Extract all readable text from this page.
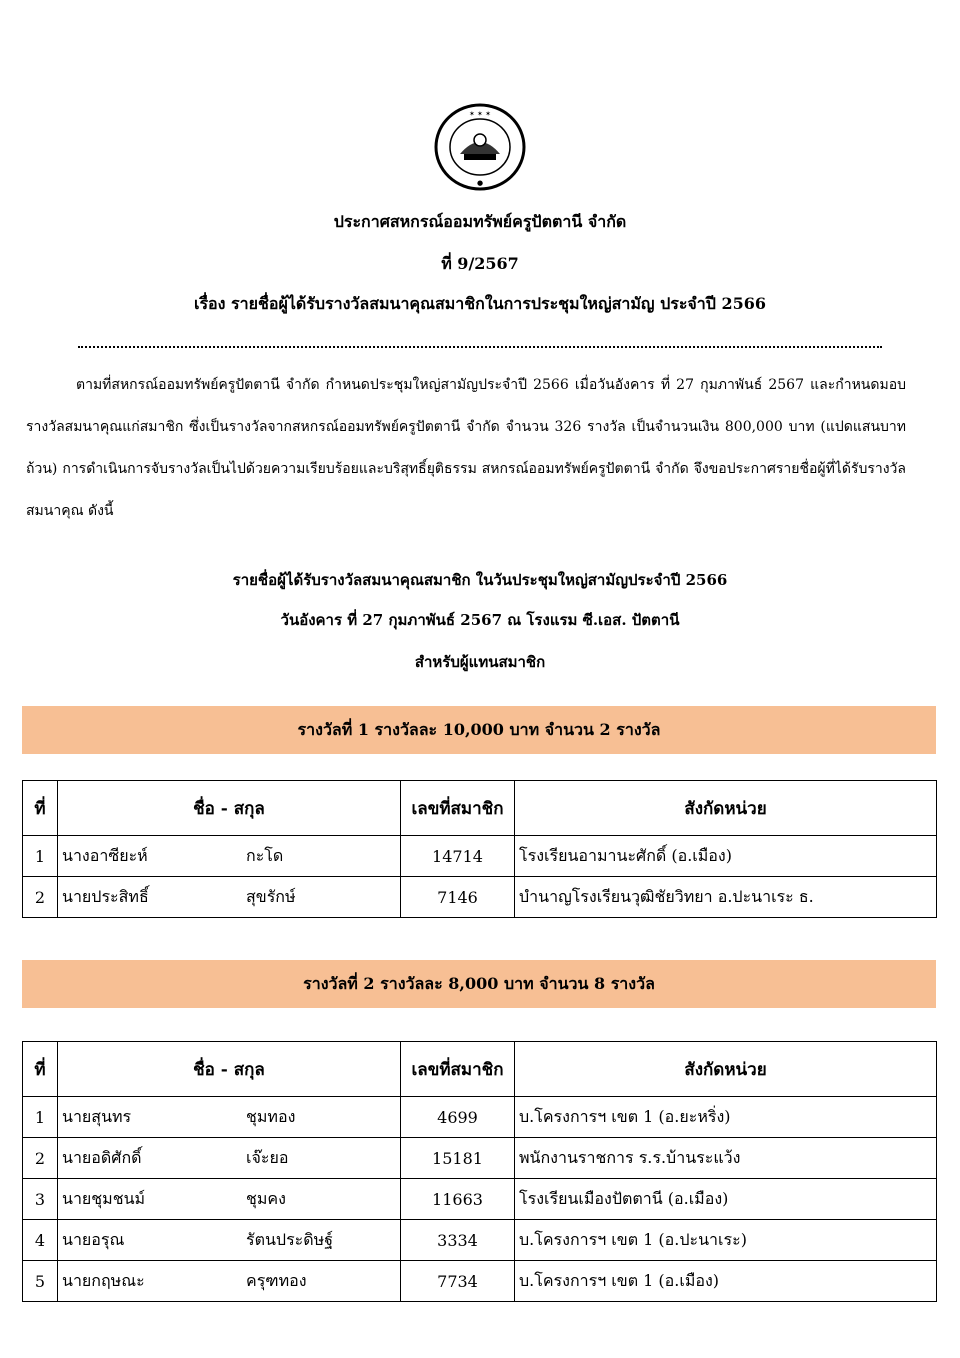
✶ ✶ ✶
●
ประกาศสหกรณ์ออมทรัพย์ครูปัตตานี จำกัด
ที่ 9/2567
เรื่อง รายชื่อผู้ได้รับรางวัลสมนาคุณสมาชิกในการประชุมใหญ่สามัญ ประจำปี 2566
ตามที่สหกรณ์ออมทรัพย์ครูปัตตานี จำกัด กำหนดประชุมใหญ่สามัญประจำปี 2566 เมื่อวันอังคาร ที่ 27 กุมภาพันธ์ 2567 และกำหนดมอบรางวัลสมนาคุณแก่สมาชิก ซึ่งเป็นรางวัลจากสหกรณ์ออมทรัพย์ครูปัตตานี จำกัด จำนวน 326 รางวัล เป็นจำนวนเงิน 800,000 บาท (แปดแสนบาทถ้วน) การดำเนินการจับรางวัลเป็นไปด้วยความเรียบร้อยและบริสุทธิ์ยุติธรรม สหกรณ์ออมทรัพย์ครูปัตตานี จำกัด จึงขอประกาศรายชื่อผู้ที่ได้รับรางวัลสมนาคุณ ดังนี้
รายชื่อผู้ได้รับรางวัลสมนาคุณสมาชิก ในวันประชุมใหญ่สามัญประจำปี 2566
วันอังคาร ที่ 27 กุมภาพันธ์ 2567 ณ โรงแรม ซี.เอส. ปัตตานี
สำหรับผู้แทนสมาชิก
รางวัลที่ 1 รางวัลละ 10,000 บาท จำนวน 2 รางวัล
ที่	ชื่อ - สกุล	เลขที่สมาชิก	สังกัดหน่วย
1	นางอาซียะห์ กะโด	14714	โรงเรียนอามานะศักดิ์ (อ.เมือง)
2	นายประสิทธิ์ สุขรักษ์	7146	บำนาญโรงเรียนวุฒิชัยวิทยา อ.ปะนาเระ ธ.
รางวัลที่ 2 รางวัลละ 8,000 บาท จำนวน 8 รางวัล
ที่	ชื่อ - สกุล	เลขที่สมาชิก	สังกัดหน่วย
1	นายสุนทร ชุมทอง	4699	บ.โครงการฯ เขต 1 (อ.ยะหริ่ง)
2	นายอดิศักดิ์ เจ๊ะยอ	15181	พนักงานราชการ ร.ร.บ้านระแว้ง
3	นายชุมชนม์ ชุมคง	11663	โรงเรียนเมืองปัตตานี (อ.เมือง)
4	นายอรุณ รัตนประดิษฐ์	3334	บ.โครงการฯ เขต 1 (อ.ปะนาเระ)
5	นายกฤษณะ ครุฑทอง	7734	บ.โครงการฯ เขต 1 (อ.เมือง)
